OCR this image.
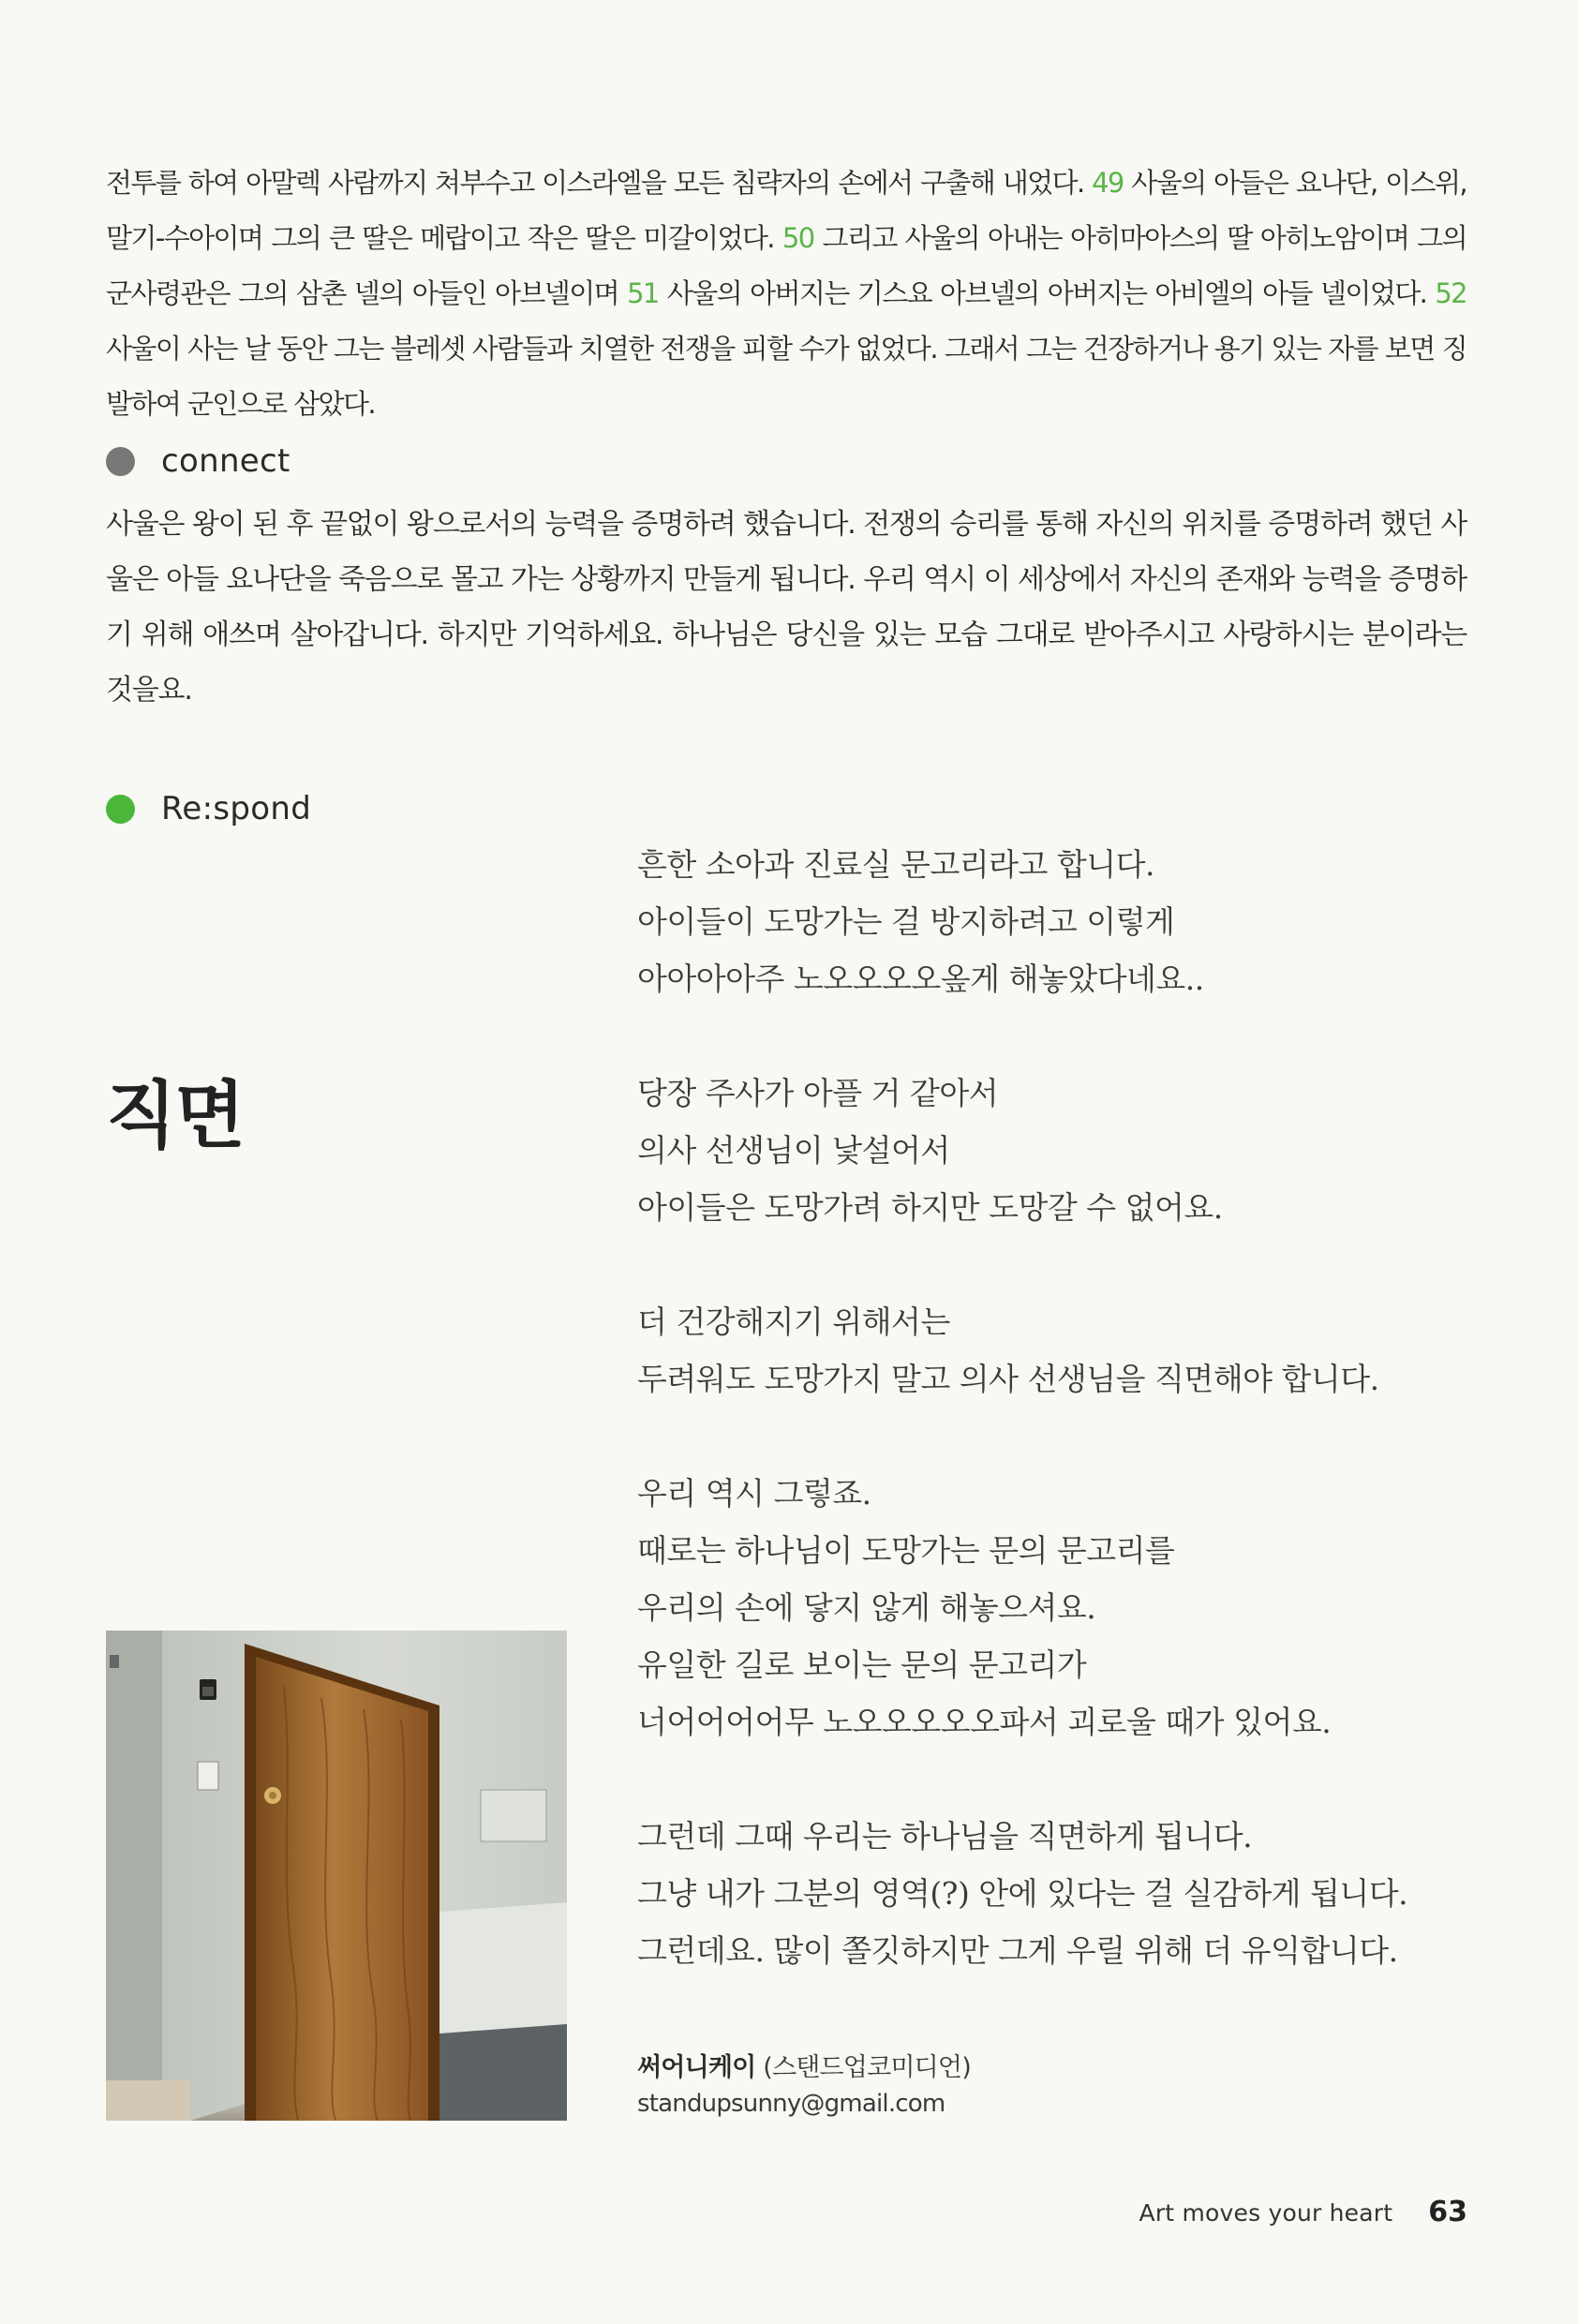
전투를 하여 아말렉 사람까지 쳐부수고 이스라엘을 모든 침략자의 손에서 구출해 내었다. 49 사울의 아들은 요나단, 이스위, 말기-수아이며 그의 큰 딸은 메랍이고 작은 딸은 미갈이었다. 50 그리고 사울의 아내는 아히마아스의 딸 아히노암이며 그의 군사령관은 그의 삼촌 넬의 아들인 아브넬이며 51 사울의 아버지는 기스요 아브넬의 아버지는 아비엘의 아들 넬이었다. 52 사울이 사는 날 동안 그는 블레셋 사람들과 치열한 전쟁을 피할 수가 없었다. 그래서 그는 건장하거나 용기 있는 자를 보면 징발하여 군인으로 삼았다.

connect

사울은 왕이 된 후 끝없이 왕으로서의 능력을 증명하려 했습니다. 전쟁의 승리를 통해 자신의 위치를 증명하려 했던 사울은 아들 요나단을 죽음으로 몰고 가는 상황까지 만들게 됩니다. 우리 역시 이 세상에서 자신의 존재와 능력을 증명하기 위해 애쓰며 살아갑니다. 하지만 기억하세요. 하나님은 당신을 있는 모습 그대로 받아주시고 사랑하시는 분이라는 것을요.

Re:spond
직면
흔한 소아과 진료실 문고리라고 합니다.
아이들이 도망가는 걸 방지하려고 이렇게
아아아아주 노오오오오옾게 해놓았다네요..
당장 주사가 아플 거 같아서
의사 선생님이 낯설어서
아이들은 도망가려 하지만 도망갈 수 없어요.
더 건강해지기 위해서는
두려워도 도망가지 말고 의사 선생님을 직면해야 합니다.
우리 역시 그렇죠.
때로는 하나님이 도망가는 문의 문고리를
우리의 손에 닿지 않게 해놓으셔요.
유일한 길로 보이는 문의 문고리가
너어어어어무 노오오오오오파서 괴로울 때가 있어요.
그런데 그때 우리는 하나님을 직면하게 됩니다.
그냥 내가 그분의 영역(?) 안에 있다는 걸 실감하게 됩니다.
그런데요. 많이 쫄깃하지만 그게 우릴 위해 더 유익합니다.
써어니케이 (스탠드업코미디언)
standupsunny@gmail.com
Art moves your heart 63
